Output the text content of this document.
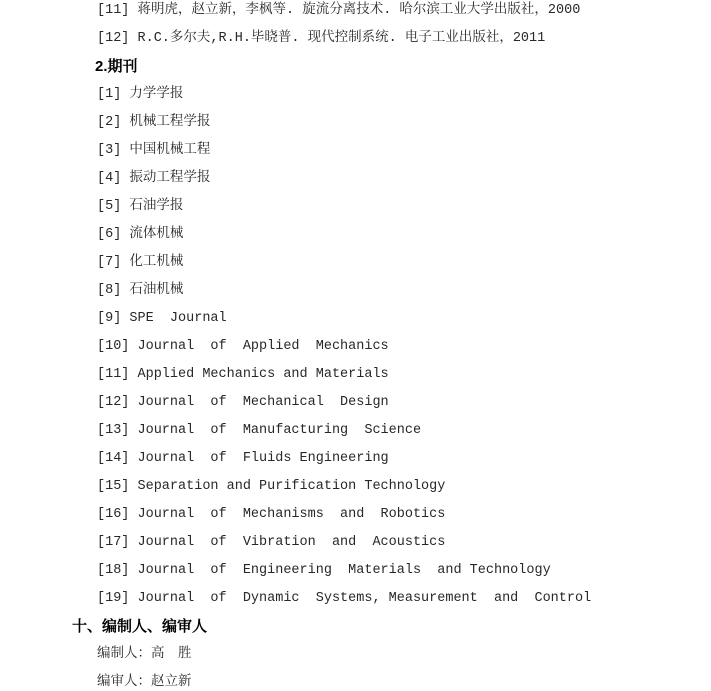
[11] 蒋明虎，赵立新，李枫等. 旋流分离技术. 哈尔滨工业大学出版社，2000
[12] R.C.多尔夫,R.H.毕晓普. 现代控制系统. 电子工业出版社，2011
2.期刊
[1] 力学学报
[2] 机械工程学报
[3] 中国机械工程
[4] 振动工程学报
[5] 石油学报
[6] 流体机械
[7] 化工机械
[8] 石油机械
[9] SPE  Journal
[10] Journal  of  Applied  Mechanics
[11] Applied Mechanics and Materials
[12] Journal  of  Mechanical  Design
[13] Journal  of  Manufacturing  Science
[14] Journal  of  Fluids Engineering
[15] Separation and Purification Technology
[16] Journal  of  Mechanisms  and  Robotics
[17] Journal  of  Vibration  and  Acoustics
[18] Journal  of  Engineering  Materials  and Technology
[19] Journal  of  Dynamic  Systems, Measurement  and  Control
十、编制人、编审人
编制人：高　胜
编审人：赵立新
